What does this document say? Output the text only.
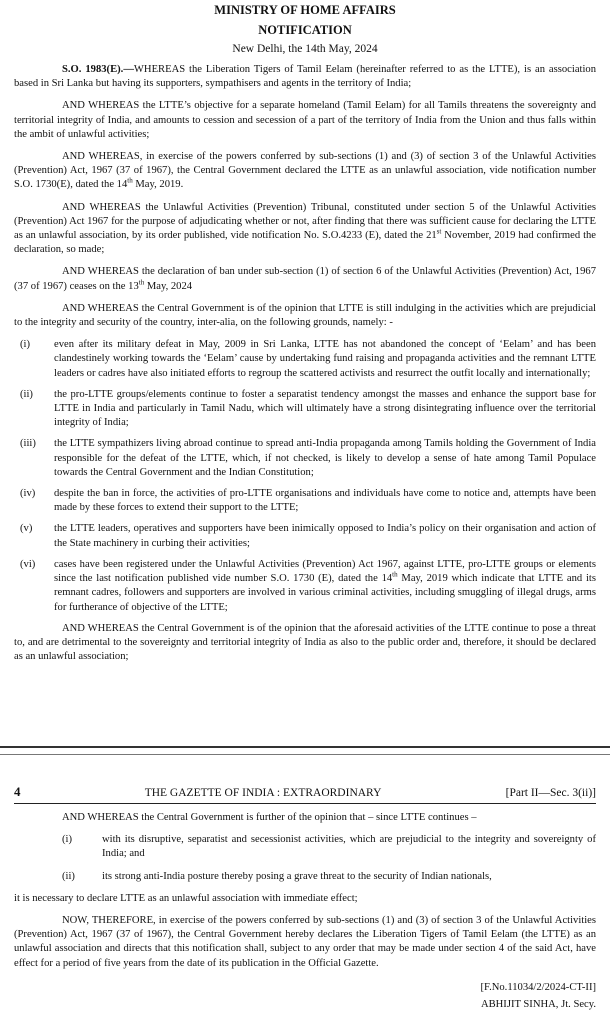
MINISTRY OF HOME AFFAIRS
NOTIFICATION
New Delhi, the 14th May, 2024

S.O. 1983(E).—WHEREAS the Liberation Tigers of Tamil Eelam (hereinafter referred to as the LTTE), is an association based in Sri Lanka but having its supporters, sympathisers and agents in the territory of India;

AND WHEREAS the LTTE’s objective for a separate homeland (Tamil Eelam) for all Tamils threatens the sovereignty and territorial integrity of India, and amounts to cession and secession of a part of the territory of India from the Union and thus falls within the ambit of unlawful activities;

AND WHEREAS, in exercise of the powers conferred by sub-sections (1) and (3) of section 3 of the Unlawful Activities (Prevention) Act, 1967 (37 of 1967), the Central Government declared the LTTE as an unlawful association, vide notification number S.O. 1730(E), dated the 14th May, 2019.

AND WHEREAS the Unlawful Activities (Prevention) Tribunal, constituted under section 5 of the Unlawful Activities (Prevention) Act 1967 for the purpose of adjudicating whether or not, after finding that there was sufficient cause for declaring the LTTE as an unlawful association, by its order published, vide notification No. S.O.4233 (E), dated the 21st November, 2019 had confirmed the declaration, so made;

AND WHEREAS the declaration of ban under sub-section (1) of section 6 of the Unlawful Activities (Prevention) Act, 1967 (37 of 1967) ceases on the 13th May, 2024

AND WHEREAS the Central Government is of the opinion that LTTE is still indulging in the activities which are prejudicial to the integrity and security of the country, inter-alia, on the following grounds, namely: -

(i)	even after its military defeat in May, 2009 in Sri Lanka, LTTE has not abandoned the concept of ‘Eelam’ and has been clandestinely working towards the ‘Eelam’ cause by undertaking fund raising and propaganda activities and the remnant LTTE leaders or cadres have also initiated efforts to regroup the scattered activists and resurrect the outfit locally and internationally;
(ii)	the pro-LTTE groups/elements continue to foster a separatist tendency amongst the masses and enhance the support base for LTTE in India and particularly in Tamil Nadu, which will ultimately have a strong disintegrating influence over the territorial integrity of India;
(iii)	the LTTE sympathizers living abroad continue to spread anti-India propaganda among Tamils holding the Government of India responsible for the defeat of the LTTE, which, if not checked, is likely to develop a sense of hate among Tamil Populace towards the Central Government and the Indian Constitution;
(iv)	despite the ban in force, the activities of pro-LTTE organisations and individuals have come to notice and, attempts have been made by these forces to extend their support to the LTTE;
(v)	the LTTE leaders, operatives and supporters have been inimically opposed to India’s policy on their organisation and action of the State machinery in curbing their activities;
(vi)	cases have been registered under the Unlawful Activities (Prevention) Act 1967, against LTTE, pro-LTTE groups or elements since the last notification published vide number S.O. 1730 (E), dated the 14th May, 2019 which indicate that LTTE and its remnant cadres, followers and supporters are involved in various criminal activities, including smuggling of illegal drugs, arms for furtherance of objective of the LTTE;

AND WHEREAS the Central Government is of the opinion that the aforesaid activities of the LTTE continue to pose a threat to, and are detrimental to the sovereignty and territorial integrity of India as also to the public order and, therefore, it should be declared as an unlawful association;

4	THE GAZETTE OF INDIA : EXTRAORDINARY	[Part II—Sec. 3(ii)]

AND WHEREAS the Central Government is further of the opinion that – since LTTE continues –

(i)	with its disruptive, separatist and secessionist activities, which are prejudicial to the integrity and sovereignty of India; and
(ii)	its strong anti-India posture thereby posing a grave threat to the security of Indian nationals,

it is necessary to declare LTTE as an unlawful association with immediate effect;

NOW, THEREFORE, in exercise of the powers conferred by sub-sections (1) and (3) of section 3 of the Unlawful Activities (Prevention) Act, 1967 (37 of 1967), the Central Government hereby declares the Liberation Tigers of Tamil Eelam (the LTTE) as an unlawful association and directs that this notification shall, subject to any order that may be made under section 4 of the said Act, have effect for a period of five years from the date of its publication in the Official Gazette.

[F.No.11034/2/2024-CT-II]
ABHIJIT SINHA, Jt. Secy.
